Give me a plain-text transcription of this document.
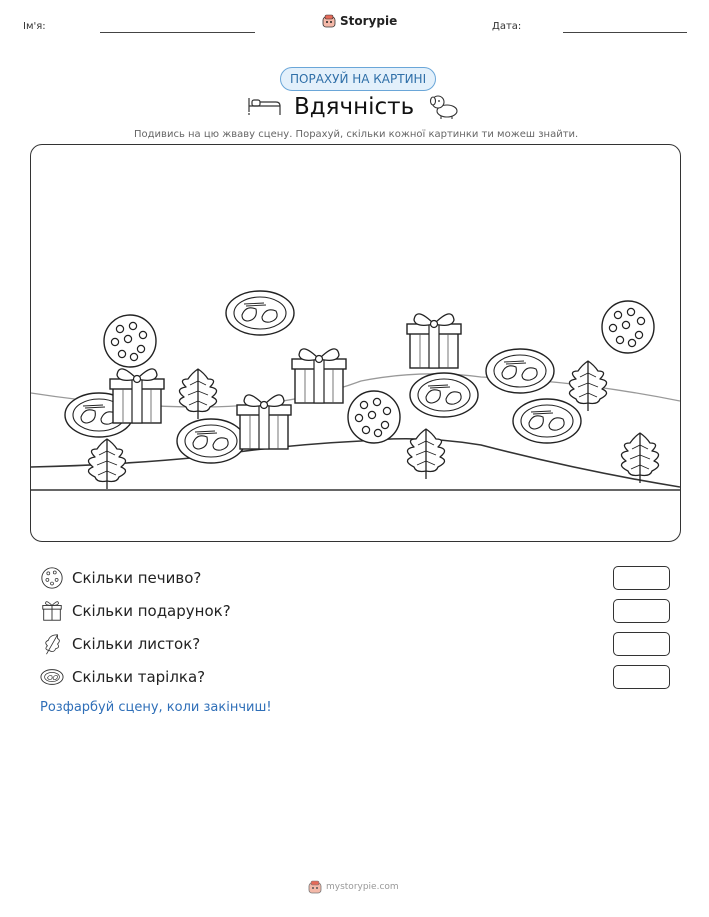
Ім'я:	Storypie	Дата:
ПОРАХУЙ НА КАРТИНІ
Вдячність
Подивись на цю жваву сцену. Порахуй, скільки кожної картинки ти можеш знайти.
Скільки печиво?
Скільки подарунок?
Скільки листок?
Скільки тарілка?
Розфарбуй сцену, коли закінчиш!
mystorypie.com
